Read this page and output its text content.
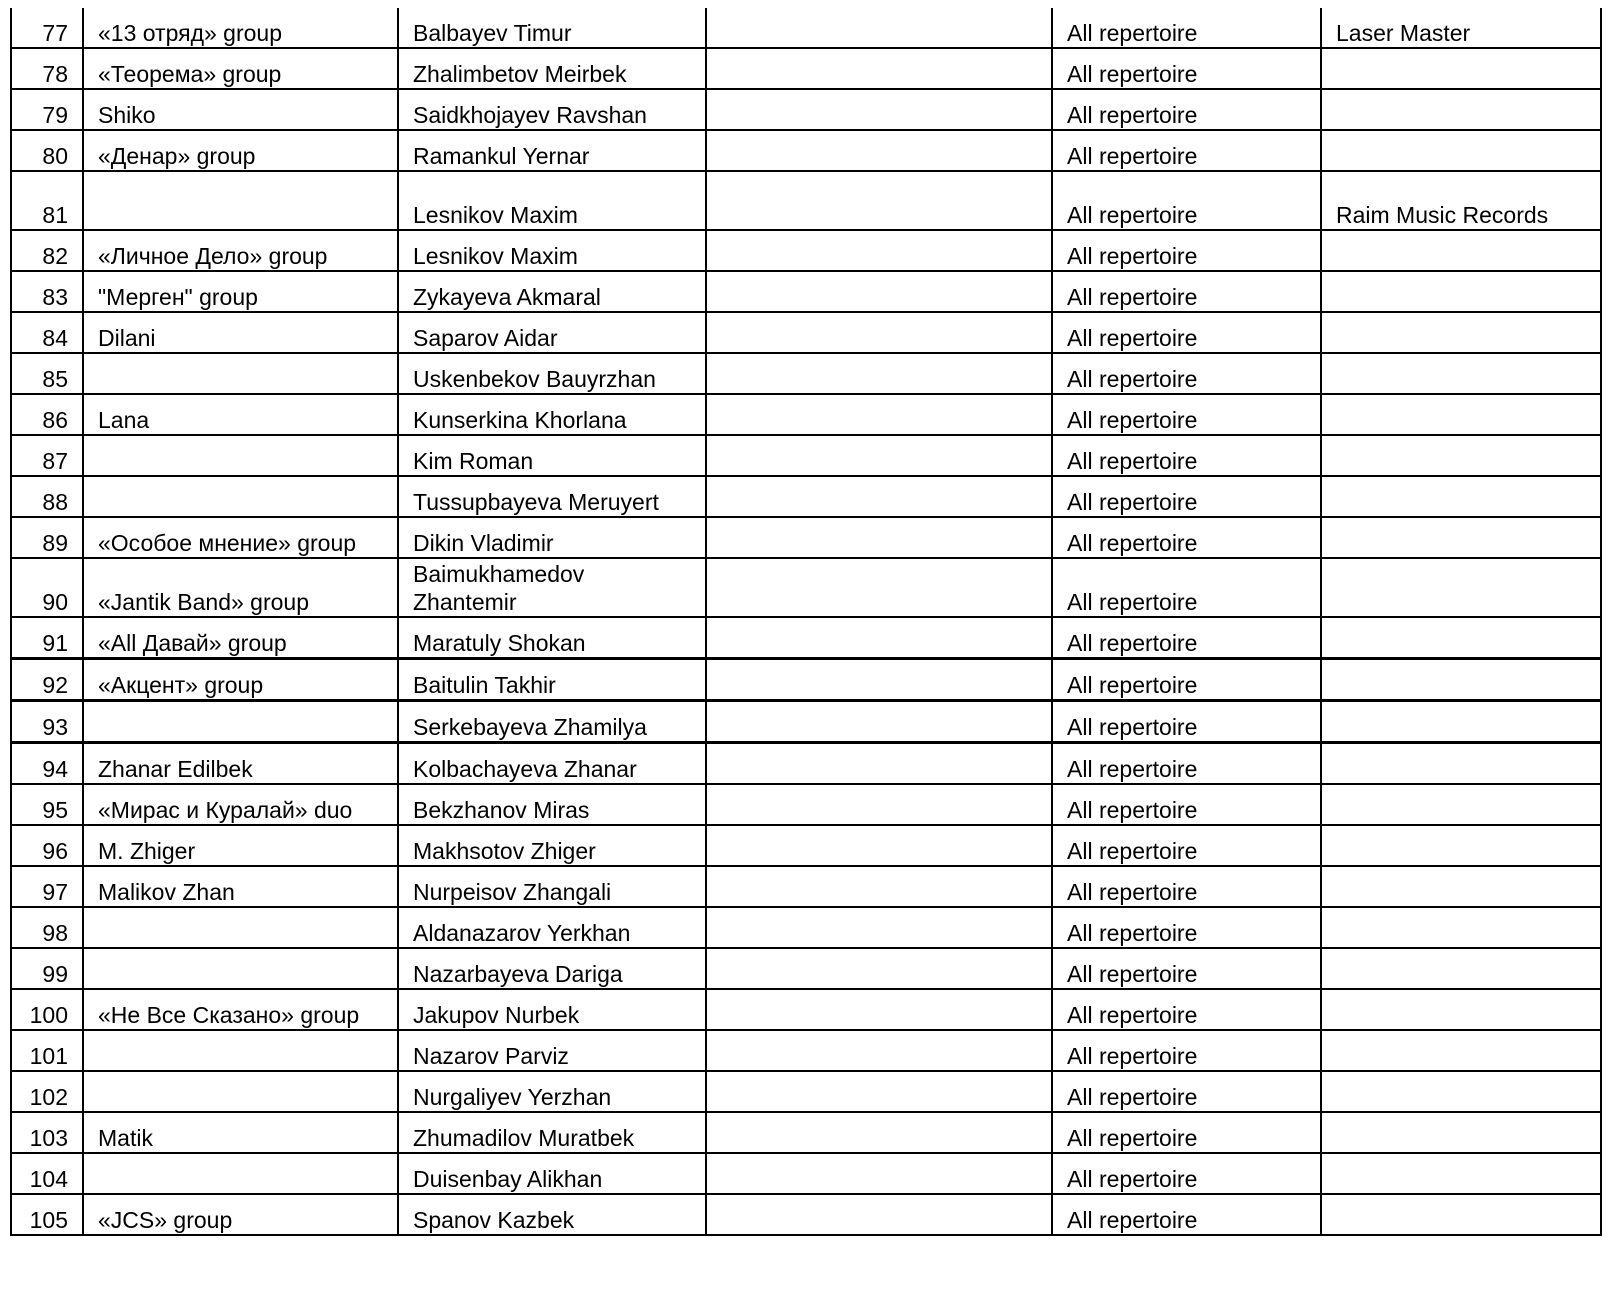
77	«13 отряд» group	Balbayev Timur		All repertoire	Laser Master
78	«Теорема» group	Zhalimbetov Meirbek		All repertoire	
79	Shiko	Saidkhojayev Ravshan		All repertoire	
80	«Денар» group	Ramankul Yernar		All repertoire	
81		Lesnikov Maxim		All repertoire	Raim Music Records
82	«Личное Дело» group	Lesnikov Maxim		All repertoire	
83	"Мерген" group	Zykayeva Akmaral		All repertoire	
84	Dilani	Saparov Aidar		All repertoire	
85		Uskenbekov Bauyrzhan		All repertoire	
86	Lana	Kunserkina Khorlana		All repertoire	
87		Kim Roman		All repertoire	
88		Tussupbayeva Meruyert		All repertoire	
89	«Особое мнение» group	Dikin Vladimir		All repertoire	
90	«Jantik Band» group	Baimukhamedov Zhantemir		All repertoire	
91	«All Давай» group	Maratuly Shokan		All repertoire	
92	«Акцент» group	Baitulin Takhir		All repertoire	
93		Serkebayeva Zhamilya		All repertoire	
94	Zhanar Edilbek	Kolbachayeva Zhanar		All repertoire	
95	«Мирас и Куралай» duo	Bekzhanov Miras		All repertoire	
96	M. Zhiger	Makhsotov Zhiger		All repertoire	
97	Malikov Zhan	Nurpeisov Zhangali		All repertoire	
98		Aldanazarov Yerkhan		All repertoire	
99		Nazarbayeva Dariga		All repertoire	
100	«Не Все Сказано» group	Jakupov Nurbek		All repertoire	
101		Nazarov Parviz		All repertoire	
102		Nurgaliyev Yerzhan		All repertoire	
103	Matik	Zhumadilov Muratbek		All repertoire	
104		Duisenbay Alikhan		All repertoire	
105	«JCS» group	Spanov Kazbek		All repertoire	
